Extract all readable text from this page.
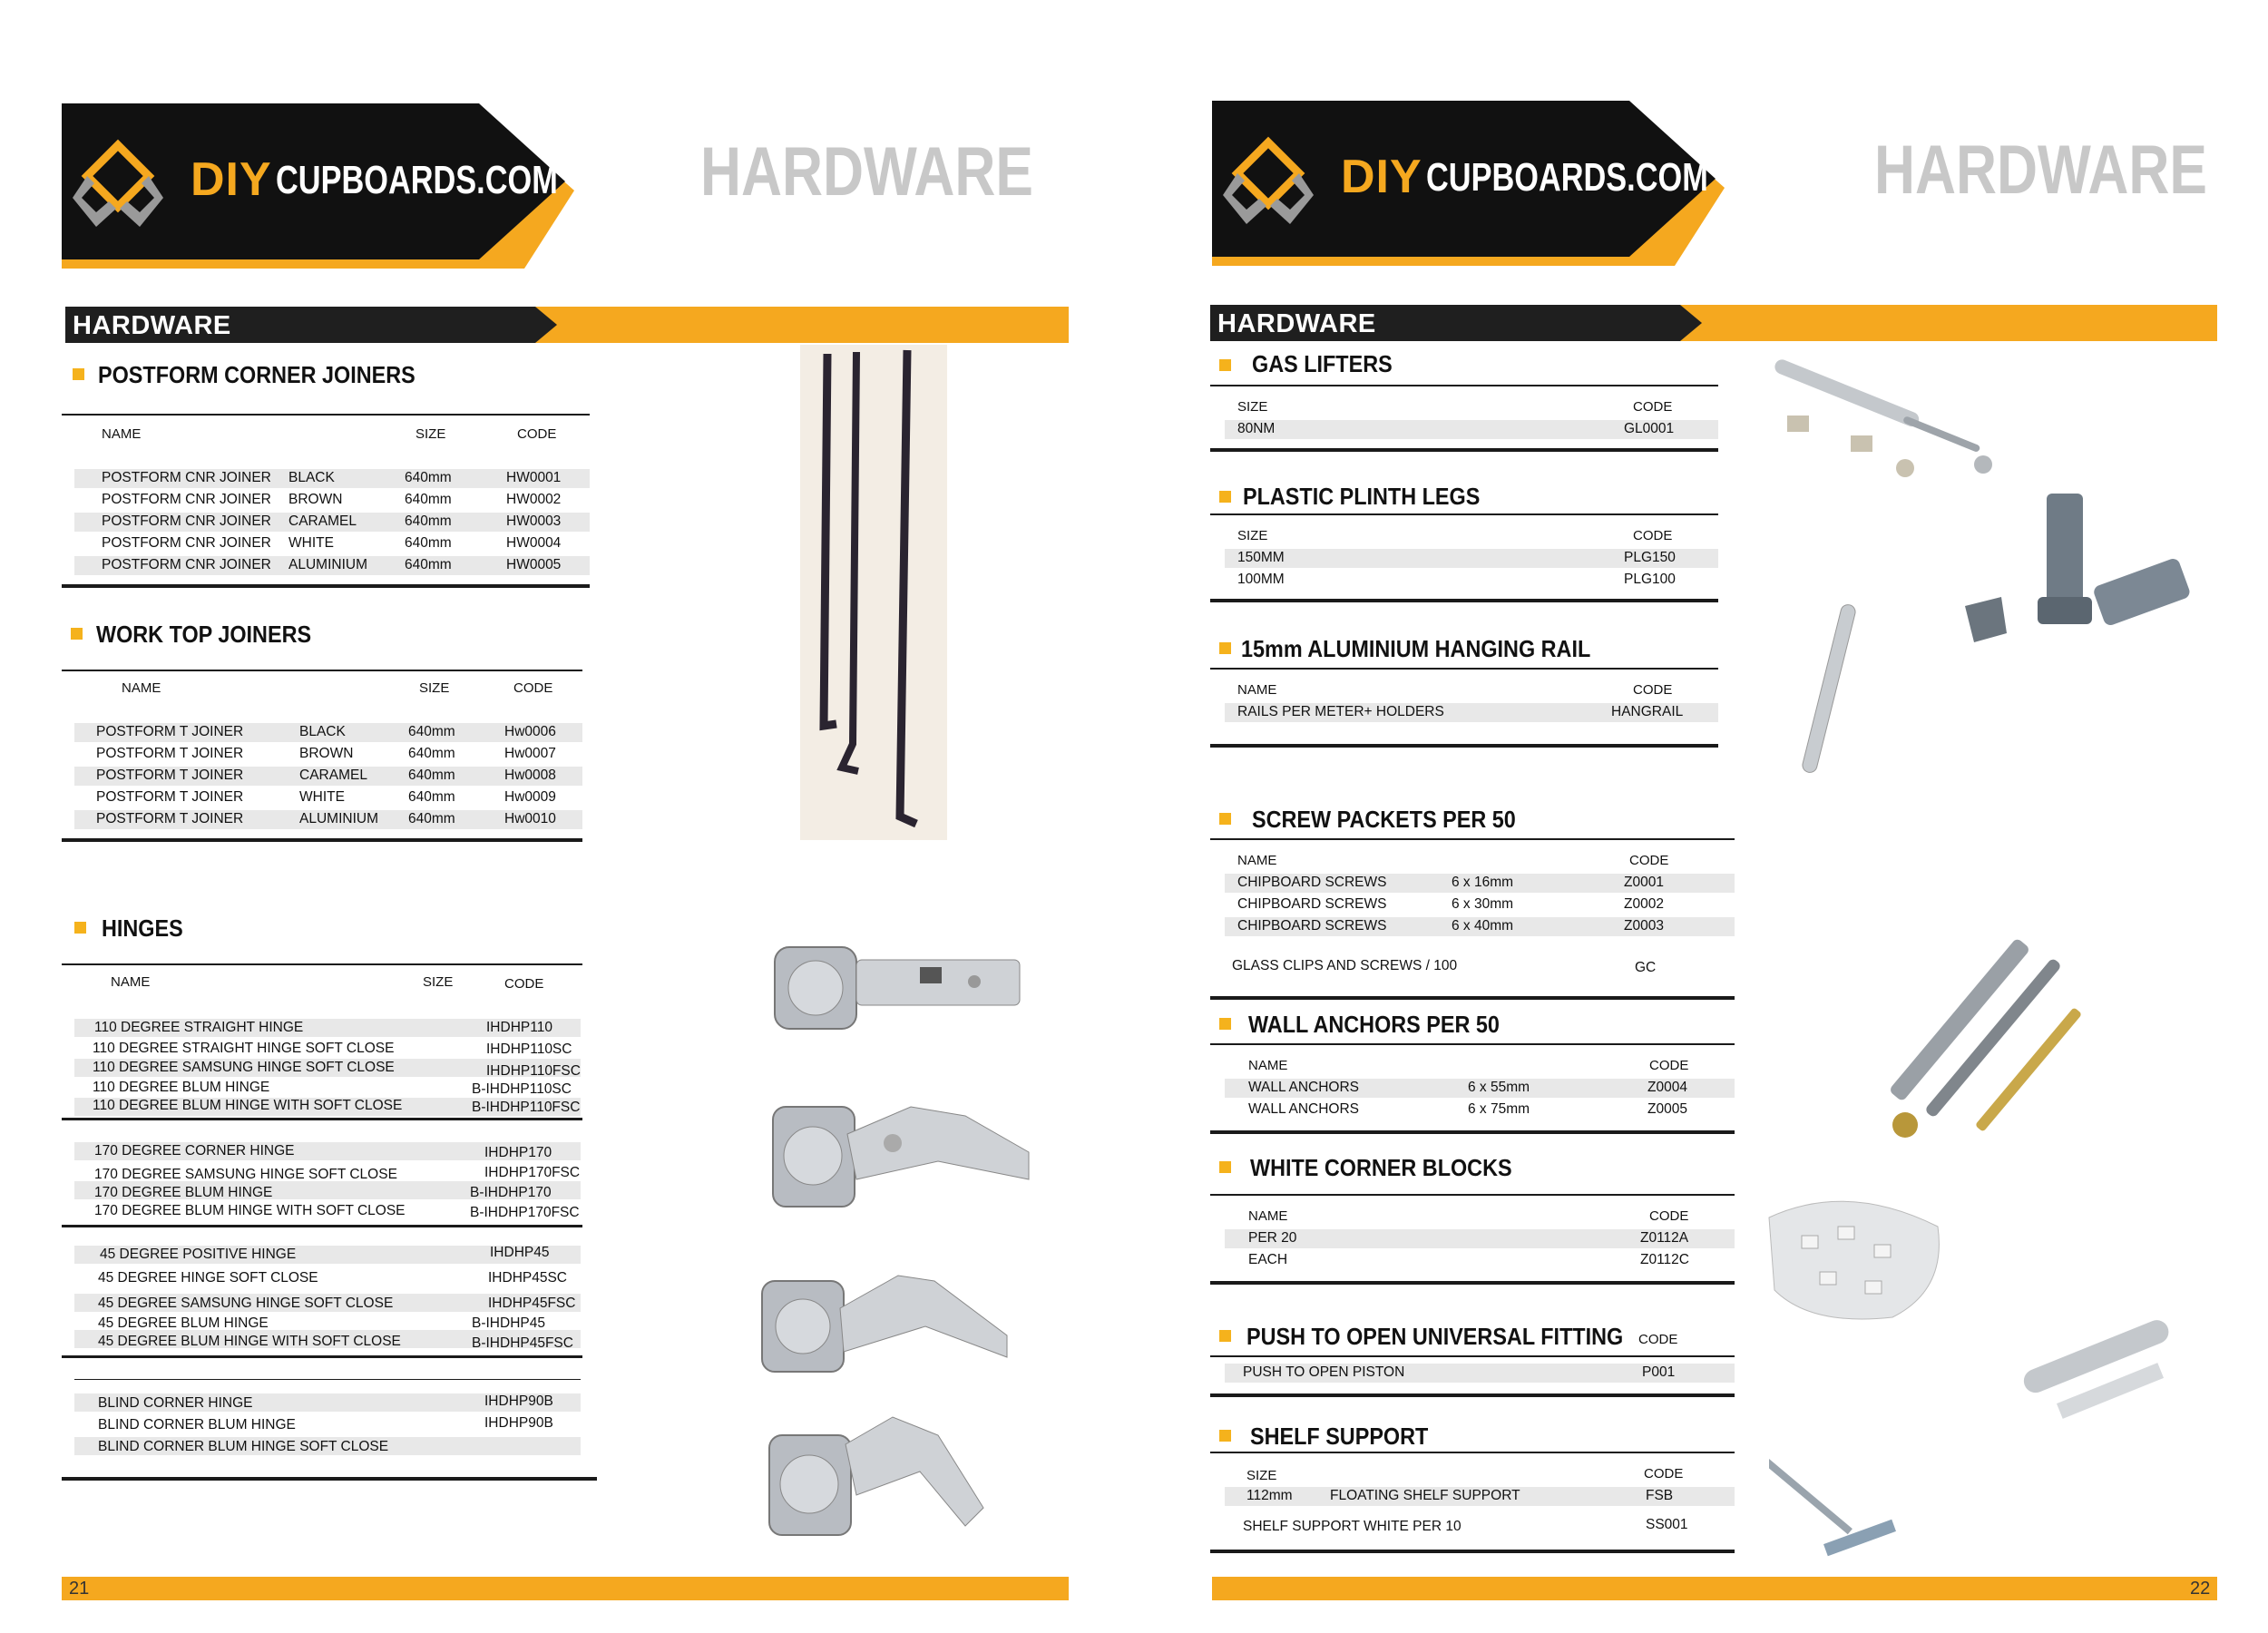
DIY CUPBOARDS.COM HARDWARE
HARDWARE
POSTFORM CORNER JOINERS
NAME	SIZE	CODE
POSTFORM CNR JOINER BLACK	640mm	HW0001
POSTFORM CNR JOINER BROWN	640mm	HW0002
POSTFORM CNR JOINER CARAMEL	640mm	HW0003
POSTFORM CNR JOINER WHITE	640mm	HW0004
POSTFORM CNR JOINER ALUMINIUM	640mm	HW0005
WORK TOP JOINERS
NAME	SIZE	CODE
POSTFORM T JOINER	BLACK	640mm	Hw0006
POSTFORM T JOINER	BROWN	640mm	Hw0007
POSTFORM T JOINER	CARAMEL	640mm	Hw0008
POSTFORM T JOINER	WHITE	640mm	Hw0009
POSTFORM T JOINER	ALUMINIUM 640mm	Hw0010
HINGES
NAME	SIZE	CODE
110 DEGREE STRAIGHT HINGE	IHDHP110
110 DEGREE STRAIGHT HINGE SOFT CLOSE	IHDHP110SC
110 DEGREE SAMSUNG HINGE SOFT CLOSE	IHDHP110FSC
110 DEGREE BLUM HINGE	B-IHDHP110SC
110 DEGREE BLUM HINGE WITH SOFT CLOSE	B-IHDHP110FSC
170 DEGREE CORNER HINGE	IHDHP170
170 DEGREE SAMSUNG HINGE SOFT CLOSE	IHDHP170FSC
170 DEGREE BLUM HINGE	B-IHDHP170
170 DEGREE BLUM HINGE WITH SOFT CLOSE	B-IHDHP170FSC
45 DEGREE POSITIVE HINGE	IHDHP45
45 DEGREE HINGE SOFT CLOSE	IHDHP45SC
45 DEGREE SAMSUNG HINGE SOFT CLOSE	IHDHP45FSC
45 DEGREE BLUM HINGE	B-IHDHP45
45 DEGREE BLUM HINGE WITH SOFT CLOSE	B-IHDHP45FSC
BLIND CORNER HINGE	IHDHP90B
BLIND CORNER BLUM HINGE	IHDHP90B
BLIND CORNER BLUM HINGE SOFT CLOSE
21
DIY CUPBOARDS.COM HARDWARE
HARDWARE
GAS LIFTERS
SIZE	CODE
80NM	GL0001
PLASTIC PLINTH LEGS
SIZE	CODE
150MM	PLG150
100MM	PLG100
15mm ALUMINIUM HANGING RAIL
NAME	CODE
RAILS PER METER+ HOLDERS	HANGRAIL
SCREW PACKETS PER 50
NAME	CODE
CHIPBOARD SCREWS	6 x 16mm	Z0001
CHIPBOARD SCREWS	6 x 30mm	Z0002
CHIPBOARD SCREWS	6 x 40mm	Z0003
GLASS CLIPS AND SCREWS / 100	GC
WALL ANCHORS PER 50
NAME	CODE
WALL ANCHORS	6 x 55mm	Z0004
WALL ANCHORS	6 x 75mm	Z0005
WHITE CORNER BLOCKS
NAME	CODE
PER 20	Z0112A
EACH	Z0112C
PUSH TO OPEN UNIVERSAL FITTING CODE
PUSH TO OPEN PISTON	P001
SHELF SUPPORT
SIZE	CODE
112mm	FLOATING SHELF SUPPORT	FSB
SHELF SUPPORT WHITE PER 10	SS001
22
